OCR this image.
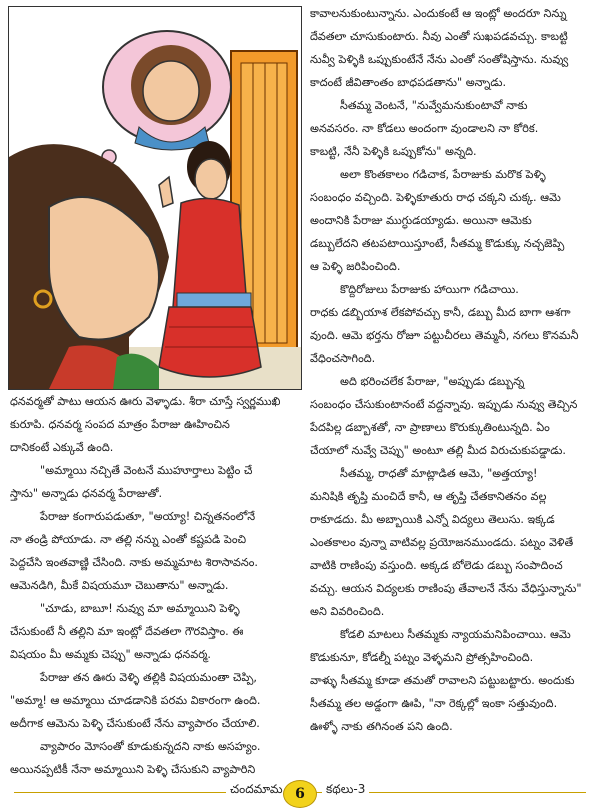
కావాలనుకుంటున్నాను. ఎందుకంటే ఆ ఇంట్లో అందరూ నిన్ను

దేవతలా చూసుకుంటారు. నీవు ఎంతో సుఖపడవచ్చు. కాబట్టి

నువ్వీ పెళ్ళికి ఒప్పుకుంటేనే నేను ఎంతో సంతోషిస్తాను. నువ్వు

కాదంటే జీవితాంతం బాధపడతాను" అన్నాడు.

సీతమ్మ వెంటనే, "నువ్వేమనుకుంటావో నాకు

అనవసరం. నా కోడలు అందంగా వుండాలని నా కోరిక.

కాబట్టి, నేనీ పెళ్ళికి ఒప్పుకోను" అన్నది.

అలా కొంతకాలం గడిచాక, పేరాజుకు మరొక పెళ్ళి

సంబంధం వచ్చింది. పెళ్ళికూతురు రాధ చక్కని చుక్క. ఆమె

అందానికి పేరాజు ముగ్ధుడయ్యాడు. అయినా ఆమెకు

డబ్బులేదని తటపటాయిస్తూంటే, సీతమ్మ కొడుక్కు నచ్చజెప్పి

ఆ పెళ్ళి జరిపించింది.

కొద్దిరోజులు పేరాజుకు హాయిగా గడిచాయి.

రాధకు డబ్బియాశ లేకపోవచ్చు కానీ, డబ్బు మీద బాగా ఆశగా

వుంది. ఆమె భర్తను రోజూ పట్టుచీరలు తెమ్మనీ, నగలు కొనమనీ

వేధించసాగింది.

అది భరించలేక పేరాజు, "అప్పుడు డబ్బున్న

సంబంధం చేసుకుంటానంటే వద్దన్నావు. ఇప్పుడు నువ్వు తెచ్చిన

పేదపిల్ల డబ్బాశతో, నా ప్రాణాలు కొరుక్కుతింటున్నది. ఏం

చేయాలో నువ్వే చెప్పు" అంటూ తల్లి మీద విరుచుకుపడ్డాడు.

సీతమ్మ, రాధతో మాట్లాడిత ఆమె, "అత్తయ్యా!

మనిషికి తృప్తి మంచిదే కానీ, ఆ తృప్తి చేతకానితనం వల్ల

రాకూడదు. మీ అబ్బాయికి ఎన్నో విద్యలు తెలుసు. ఇక్కడ

ఎంతకాలం వున్నా వాటివల్ల ప్రయోజనముండదు. పట్నం వెళితే

వాటికి రాణింపు వస్తుంది. అక్కడ బోలెడు డబ్బు సంపాదించ

వచ్చు. ఆయన విద్యలకు రాణింపు తేవాలనే నేను వేధిస్తున్నాను"

అని వివరించింది.

కోడలి మాటలు సీతమ్మకు న్యాయమనిపించాయి. ఆమె

కొడుకునూ, కోడల్నీ పట్నం వెళ్ళమని ప్రోత్సహించింది.

వాళ్ళు సీతమ్మ కూడా తమతో రావాలని పట్టుబట్టారు. అందుకు

సీతమ్మ తల అడ్డంగా ఊపి, "నా రెక్కల్లో ఇంకా సత్తువుంది.

ఊళ్ళో నాకు తగినంత పని ఉంది.

ధనవర్మతో పాటు ఆయన ఊరు వెళ్ళాడు. శీరా చూస్తే స్వర్ణముఖి

కురూపి. ధనవర్మ సంపద మాత్రం పేరాజు ఊహించిన

దానికంటే ఎక్కువే ఉంది.

"అమ్మాయి నచ్చితే వెంటనే ముహూర్తాలు పెట్టిం చే

స్తాను" అన్నాడు ధనవర్మ పేరాజుతో.

పేరాజు కంగారుపడుతూ, "అయ్యా! చిన్నతనంలోనే

నా తండ్రి పోయాడు. నా తల్లి నన్ను ఎంతో కష్టపడి పెంచి

పెద్దచేసి ఇంతవాణ్ణి చేసింది. నాకు అమ్మమాట శిరాసావనం.

ఆమెనడిగి, మీకే విషయమూ చెబుతాను" అన్నాడు.

"చూడు, బాబూ! నువ్వు మా అమ్మాయిని పెళ్ళి

చేసుకుంటే నీ తల్లిని మా ఇంట్లో దేవతలా గౌరవిస్తాం. ఈ

విషయం మీ అమ్మకు చెప్పు" అన్నాడు ధనవర్మ.

పేరాజు తన ఊరు వెళ్ళి తల్లికి విషయమంతా చెప్పి,

"అమ్మా! ఆ అమ్మాయి చూడడానికి పరమ వికారంగా ఉంది.

అదీగాక ఆమెను పెళ్ళి చేసుకుంటే నేను వ్యాపారం చేయాలి.

వ్యాపారం మోసంతో కూడుకున్నదని నాకు అసహ్యం.

అయినప్పటికీ నేనా అమ్మాయిని పెళ్ళి చేసుకుని వ్యాపారిని

చందమామ 6	కథలు-3
